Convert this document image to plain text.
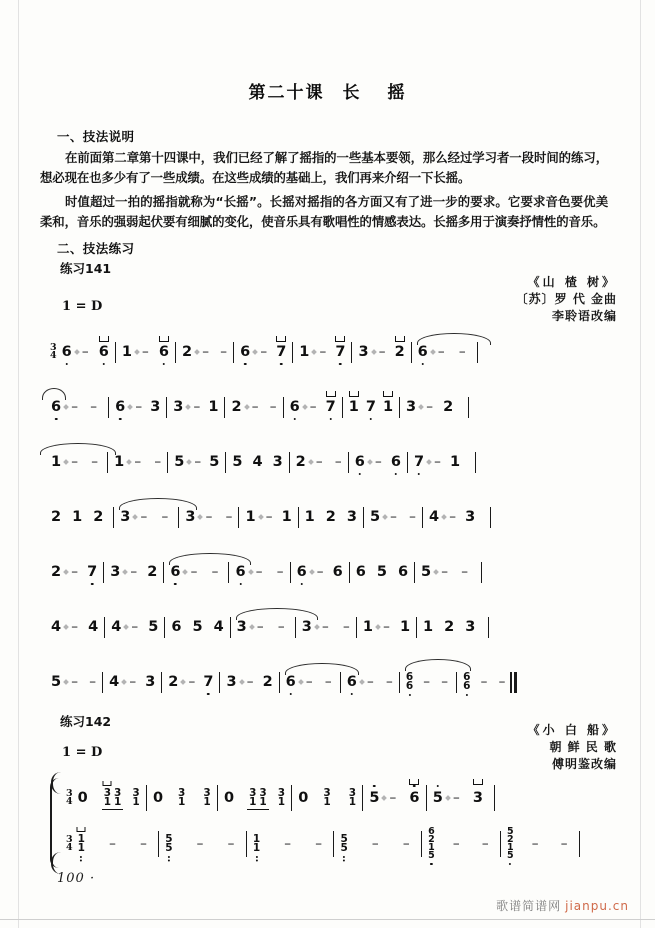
第二十课 长 摇
一、技法说明
在前面第二章第十四课中，我们已经了解了摇指的一些基本要领，那么经过学习者一段时间的练习，想必现在也多少有了一些成绩。在这些成绩的基础上，我们再来介绍一下长摇。
时值超过一拍的摇指就称为“长摇”。长摇对摇指的各方面又有了进一步的要求。它要求音色要优美柔和，音乐的强弱起伏要有细腻的变化，使音乐具有歌唱性的情感表达。长摇多用于演奏抒情性的音乐。
二、技法练习
练习141
1 = D
《山 楂 树》
〔苏〕罗 代 金曲
李聆语改编
3
4 6 – 6 1 – 6 2 – – 6 – 7 1 – 7 3 – 2 6 – –
6 – – 6 – 3 3 – 1 2 – – 6 – 7 1 7 1 3 – 2
1 – – 1 – – 5 – 5 5 4 3 2 – – 6 – 6 7 – 1
2 1 2 3 – – 3 – – 1 – 1 1 2 3 5 – – 4 – 3
2 – 7 3 – 2 6 – – 6 – – 6 – 6 6 5 6 5 – –
4 – 4 4 – 5 6 5 4 3 – – 3 – – 1 – 1 1 2 3
5 – – 4 – 3 2 – 7 3 – 2 6 – – 6 – – 6
6 – – 6
6 – –
练习142
1 = D
《小 白 船》
朝 鲜 民 歌
傅明鉴改编
3
4 0 3
1
3
1
3
1 0 3
1
3
1 0 3
1
3
1
3
1 0 3
1
3
1 5 – 6 5 – 3
3
4
1
1 – – 5
5 – – 1
1 – – 5
5 – –
6
2
1
5
– –
5
2
1
5
– –
100 ·
歌谱简谱网 jianpu.cn
